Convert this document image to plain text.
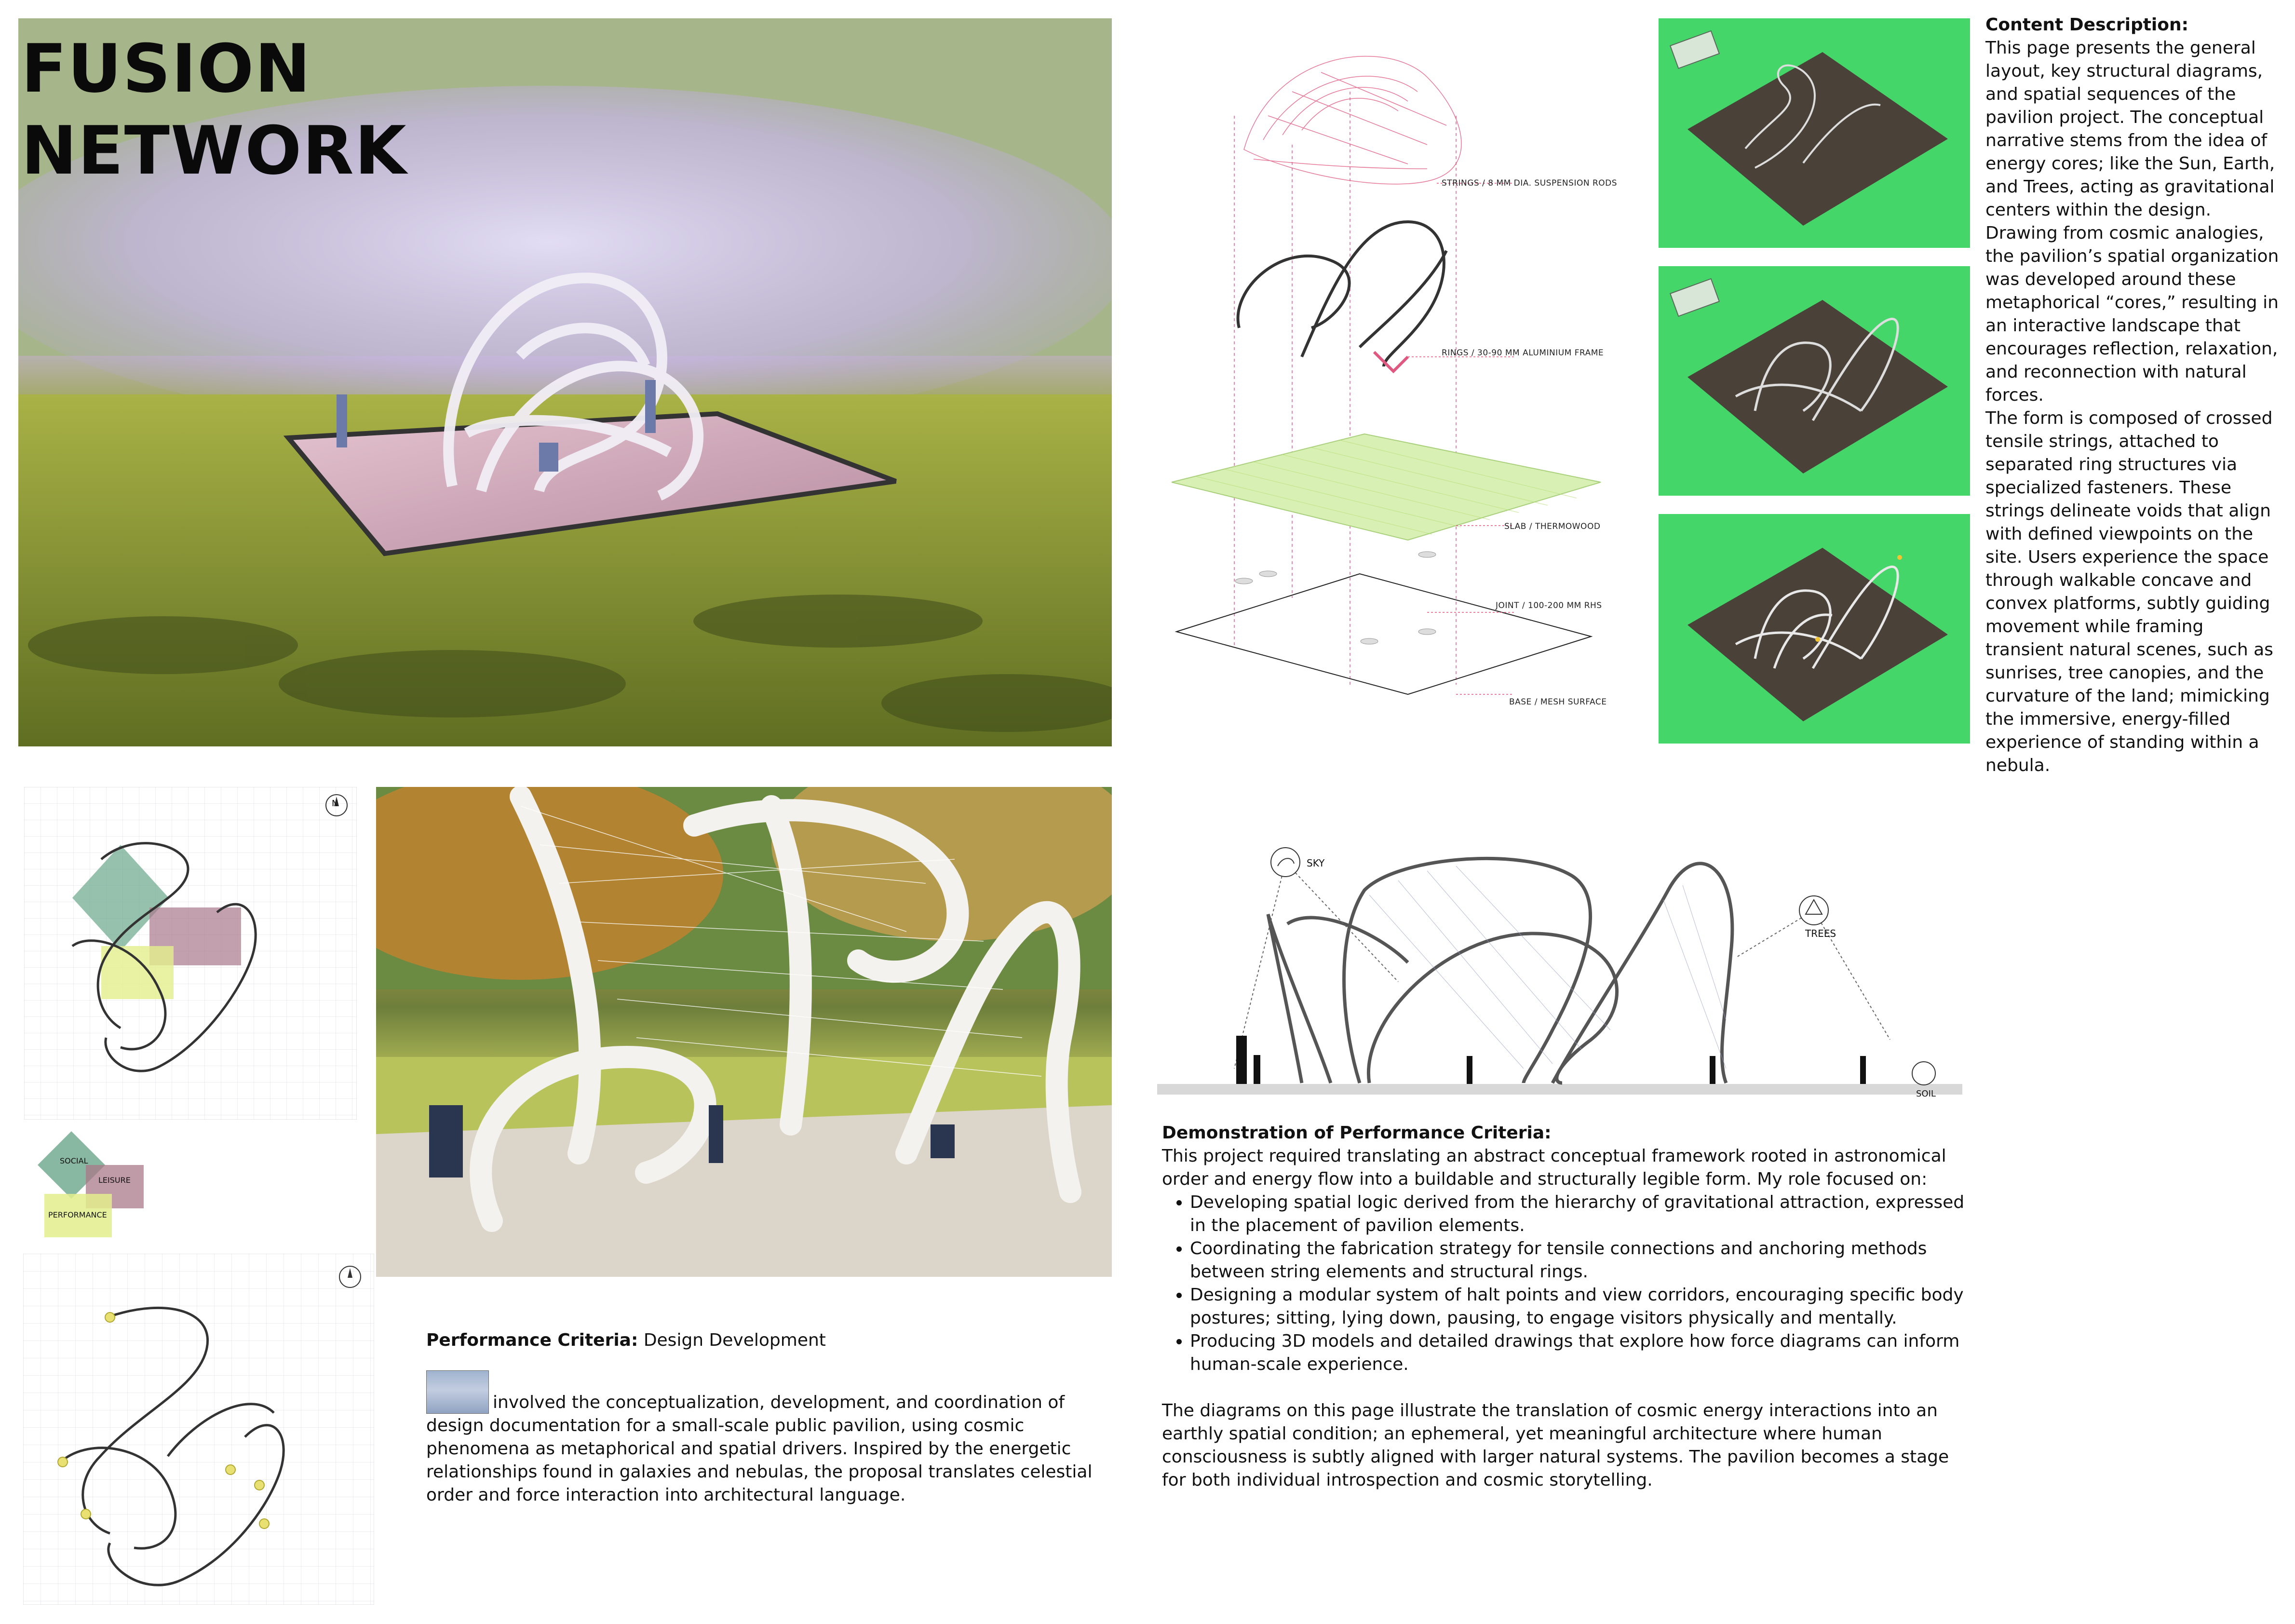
FUSION
NETWORK	STRINGS / 8 MM DIA. SUSPENSION RODS
RINGS / 30-90 MM ALUMINIUM FRAME
SLAB / THERMOWOOD
JOINT / 100-200 MM RHS
BASE / MESH SURFACE
Content Description:

This page presents the general layout, key structural diagrams, and spatial sequences of the pavilion project. The conceptual narrative stems from the idea of energy cores; like the Sun, Earth, and Trees, acting as gravitational centers within the design. Drawing from cosmic analogies, the pavilion’s spatial organization was developed around these metaphorical “cores,” resulting in an interactive landscape that encourages reflection, relaxation, and reconnection with natural forces.

The form is composed of crossed tensile strings, attached to separated ring structures via specialized fasteners. These strings delineate voids that align with defined viewpoints on the site. Users experience the space through walkable concave and convex platforms, subtly guiding movement while framing transient natural scenes, such as sunrises, tree canopies, and the curvature of the land; mimicking the immersive, energy-filled experience of standing within a nebula.

N
SOCIAL
LEISURE
PERFORMANCE
SKY
TREES
SOIL
Performance Criteria: Design Development
involved the conceptualization, development, and coordination of design documentation for a small-scale public pavilion, using cosmic phenomena as metaphorical and spatial drivers. Inspired by the energetic relationships found in galaxies and nebulas, the proposal translates celestial order and force interaction into architectural language.
Demonstration of Performance Criteria:

This project required translating an abstract conceptual framework rooted in astronomical order and energy flow into a buildable and structurally legible form. My role focused on:

• Developing spatial logic derived from the hierarchy of gravitational attraction, expressed in the placement of pavilion elements.
• Coordinating the fabrication strategy for tensile connections and anchoring methods between string elements and structural rings.
• Designing a modular system of halt points and view corridors, encouraging specific body postures; sitting, lying down, pausing, to engage visitors physically and mentally.
• Producing 3D models and detailed drawings that explore how force diagrams can inform human-scale experience.

The diagrams on this page illustrate the translation of cosmic energy interactions into an earthly spatial condition; an ephemeral, yet meaningful architecture where human consciousness is subtly aligned with larger natural systems. The pavilion becomes a stage for both individual introspection and cosmic storytelling.
